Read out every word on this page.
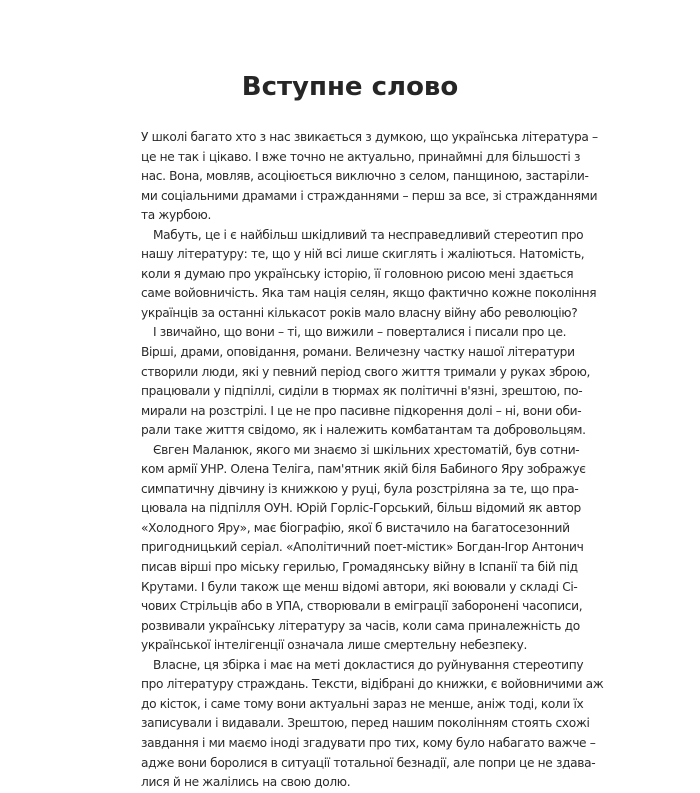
Вступне слово
У школі багато хто з нас звикається з думкою, що українська література –
це не так і цікаво. І вже точно не актуально, принаймні для більшості з
нас. Вона, мовляв, асоціюється виключно з селом, панщиною, застаріли-
ми соціальними драмами і стражданнями – перш за все, зі стражданнями
та журбою.
Мабуть, це і є найбільш шкідливий та несправедливий стереотип про
нашу літературу: те, що у ній всі лише скиглять і жаліються. Натомість,
коли я думаю про українську історію, її головною рисою мені здається
саме войовничість. Яка там нація селян, якщо фактично кожне покоління
українців за останні кількасот років мало власну війну або революцію?
І звичайно, що вони – ті, що вижили – поверталися і писали про це.
Вірші, драми, оповідання, романи. Величезну частку нашої літератури
створили люди, які у певний період свого життя тримали у руках зброю,
працювали у підпіллі, сиділи в тюрмах як політичні в'язні, зрештою, по-
мирали на розстрілі. І це не про пасивне підкорення долі – ні, вони оби-
рали таке життя свідомо, як і належить комбатантам та добровольцям.
Євген Маланюк, якого ми знаємо зі шкільних хрестоматій, був сотни-
ком армії УНР. Олена Теліга, пам'ятник якій біля Бабиного Яру зображує
симпатичну дівчину із книжкою у руці, була розстріляна за те, що пра-
цювала на підпілля ОУН. Юрій Горліс-Горський, більш відомий як автор
«Холодного Яру», має біографію, якої б вистачило на багатосезонний
пригодницький серіал. «Аполітичний поет-містик» Богдан-Ігор Антонич
писав вірші про міську герилью, Громадянську війну в Іспанії та бій під
Крутами. І були також ще менш відомі автори, які воювали у складі Сі-
чових Стрільців або в УПА, створювали в еміграції заборонені часописи,
розвивали українську літературу за часів, коли сама приналежність до
української інтелігенції означала лише смертельну небезпеку.
Власне, ця збірка і має на меті докластися до руйнування стереотипу
про літературу страждань. Тексти, відібрані до книжки, є войовничими аж
до кісток, і саме тому вони актуальні зараз не менше, аніж тоді, коли їх
записували і видавали. Зрештою, перед нашим поколінням стоять схожі
завдання і ми маємо іноді згадувати про тих, кому було набагато важче –
адже вони боролися в ситуації тотальної безнадії, але попри це не здава-
лися й не жалілись на свою долю.
